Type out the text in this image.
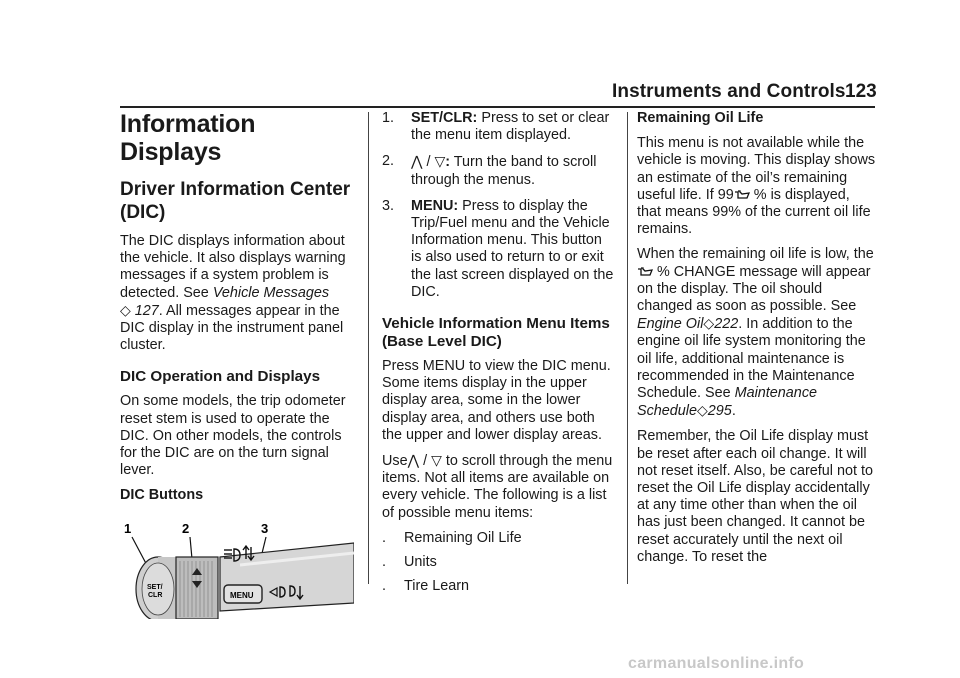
Instruments and Controls 123
Information Displays
Driver Information Center (DIC)

The DIC displays information about the vehicle. It also displays warning messages if a system problem is detected. See Vehicle Messages
◇ 127. All messages appear in the DIC display in the instrument panel cluster.

DIC Operation and Displays

On some models, the trip odometer reset stem is used to operate the DIC. On other models, the controls for the DIC are on the turn signal lever.

DIC Buttons

1	2	3
SET/
CLR	MENU
1.	SET/CLR: Press to set or clear the menu item displayed.
2.	⋀ / ▽: Turn the band to scroll through the menus.
3.	MENU: Press to display the Trip/Fuel menu and the Vehicle Information menu. This button is also used to return to or exit the last screen displayed on the DIC.
Vehicle Information Menu Items (Base Level DIC)

Press MENU to view the DIC menu. Some items display in the upper display area, some in the lower display area, and others use both the upper and lower display areas.

Use⋀ / ▽ to scroll through the menu items. Not all items are available on every vehicle. The following is a list of possible menu items:

.	Remaining Oil Life
.	Units
.	Tire Learn

Remaining Oil Life

This menu is not available while the vehicle is moving. This display shows an estimate of the oil’s remaining useful life. If 99 % is displayed, that means 99% of the current oil life remains.

When the remaining oil life is low, the % CHANGE message will appear on the display. The oil should changed as soon as possible. See Engine Oil◇222. In addition to the engine oil life system monitoring the oil life, additional maintenance is recommended in the Maintenance Schedule. See Maintenance Schedule◇295.

Remember, the Oil Life display must be reset after each oil change. It will not reset itself. Also, be careful not to reset the Oil Life display accidentally at any time other than when the oil has just been changed. It cannot be reset accurately until the next oil change. To reset the

carmanualsonline.info
